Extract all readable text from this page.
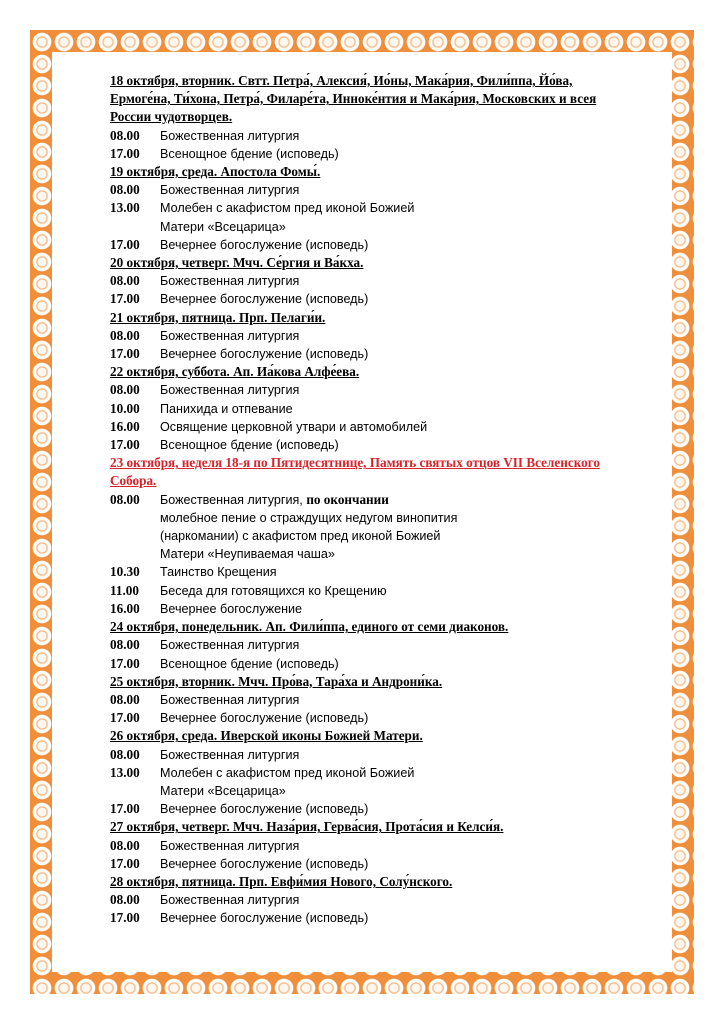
18 октября, вторник. Свтт. Петра́, Алексия́, Ио́ны, Мака́рия, Фили́ппа, Йо́ва, Ермоге́на, Ти́хона, Петра́, Филаре́та, Инноке́нтия и Мака́рия, Московских и всея России чудотворцев.
08.00	Божественная литургия
17.00	Всенощное бдение (исповедь)
19 октября, среда. Апостола Фомы́.
08.00	Божественная литургия
13.00	Молебен с акафистом пред иконой Божией
Матери «Всецарица»
17.00	Вечернее богослужение (исповедь)
20 октября, четверг. Мчч. Се́ргия и Ва́кха.
08.00	Божественная литургия
17.00	Вечернее богослужение (исповедь)
21 октября, пятница. Прп. Пелаги́и.
08.00	Божественная литургия
17.00	Вечернее богослужение (исповедь)
22 октября, суббота. Ап. Иа́кова Алфе́ева.
08.00	Божественная литургия
10.00	Панихида и отпевание
16.00	Освящение церковной утвари и автомобилей
17.00	Всенощное бдение (исповедь)
23 октября, неделя 18-я по Пятидесятнице, Память святых отцов VII Вселенского Собора.
08.00	Божественная литургия, по окончании
молебное пение о страждущих недугом винопития
(наркомании) с акафистом пред иконой Божией
Матери «Неупиваемая чаша»
10.30	Таинство Крещения
11.00	Беседа для готовящихся ко Крещению
16.00	Вечернее богослужение
24 октября, понедельник. Ап. Фили́ппа, единого от семи диаконов.
08.00	Божественная литургия
17.00	Всенощное бдение (исповедь)
25 октября, вторник. Мчч. Про́ва, Тара́ха и Андрони́ка.
08.00	Божественная литургия
17.00	Вечернее богослужение (исповедь)
26 октября, среда. Иверской иконы Божией Матери.
08.00	Божественная литургия
13.00	Молебен с акафистом пред иконой Божией
Матери «Всецарица»
17.00	Вечернее богослужение (исповедь)
27 октября, четверг. Мчч. Наза́рия, Герва́сия, Прота́сия и Келси́я.
08.00	Божественная литургия
17.00	Вечернее богослужение (исповедь)
28 октября, пятница. Прп. Евфи́мия Нового, Солу́нского.
08.00	Божественная литургия
17.00	Вечернее богослужение (исповедь)
